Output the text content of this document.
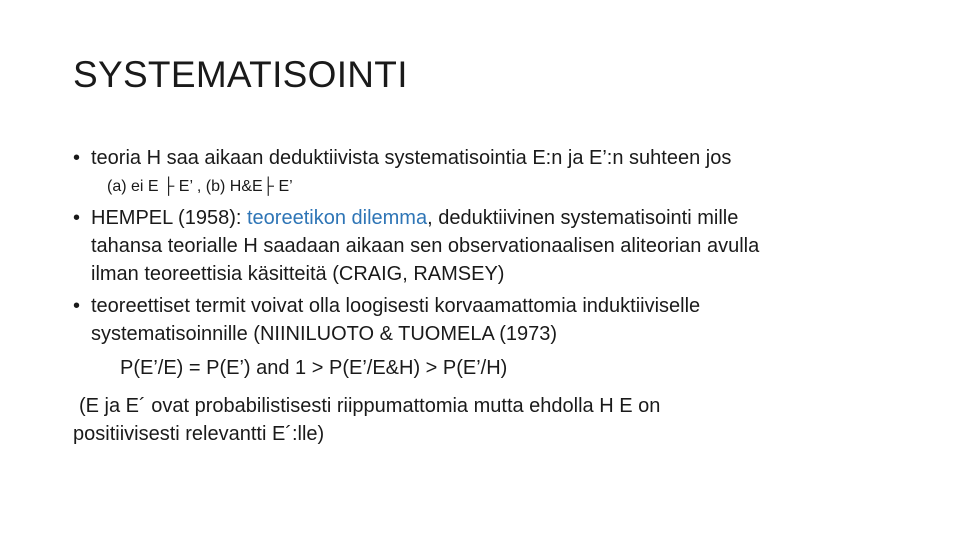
SYSTEMATISOINTI
• teoria H saa aikaan deduktiivista systematisointia E:n ja E’:n suhteen jos
(a) ei E ├ E’ , (b) H&E├ E’
• HEMPEL (1958): teoreetikon dilemma, deduktiivinen systematisointi mille
tahansa teorialle H saadaan aikaan sen observationaalisen aliteorian avulla
ilman teoreettisia käsitteitä (CRAIG, RAMSEY)
• teoreettiset termit voivat olla loogisesti korvaamattomia induktiiviselle
systematisoinnille (NIINILUOTO & TUOMELA (1973)
P(E’/E) = P(E’) and 1 > P(E’/E&H) > P(E’/H)
(E ja E´ ovat probabilistisesti riippumattomia mutta ehdolla H E on
positiivisesti relevantti E´:lle)
